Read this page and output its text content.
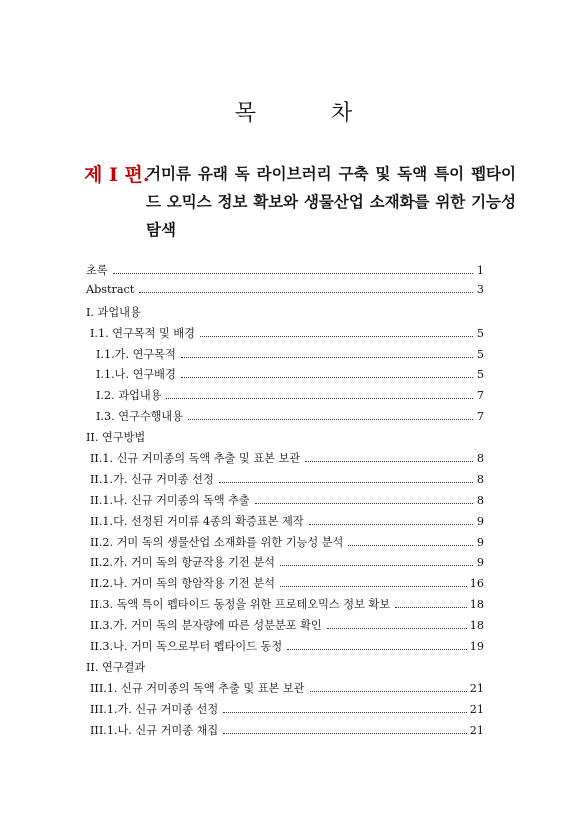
목 차
제 Ⅰ 편.
거미류 유래 독 라이브러리 구축 및 독액 특이 펩타이드 오믹스 정보 확보와 생물산업 소재화를 위한 기능성 탐색
초록	1
Abstract	3
I. 과업내용
I.1. 연구목적 및 배경	5
I.1.가. 연구목적	5
I.1.나. 연구배경	5
I.2. 과업내용	7
I.3. 연구수행내용	7
II. 연구방법
II.1. 신규 거미종의 독액 추출 및 표본 보관	8
II.1.가. 신규 거미종 선정	8
II.1.나. 신규 거미종의 독액 추출	8
II.1.다. 선정된 거미류 4종의 확증표본 제작	9
II.2. 거미 독의 생물산업 소재화를 위한 기능성 분석	9
II.2.가. 거미 독의 항균작용 기전 분석	9
II.2.나. 거미 독의 항암작용 기전 분석	16
II.3. 독액 특이 펩타이드 동정을 위한 프로테오믹스 정보 확보	18
II.3.가. 거미 독의 분자량에 따른 성분분포 확인	18
II.3.나. 거미 독으로부터 펩타이드 동정	19
II. 연구결과
III.1. 신규 거미종의 독액 추출 및 표본 보관	21
III.1.가. 신규 거미종 선정	21
III.1.나. 신규 거미종 채집	21
